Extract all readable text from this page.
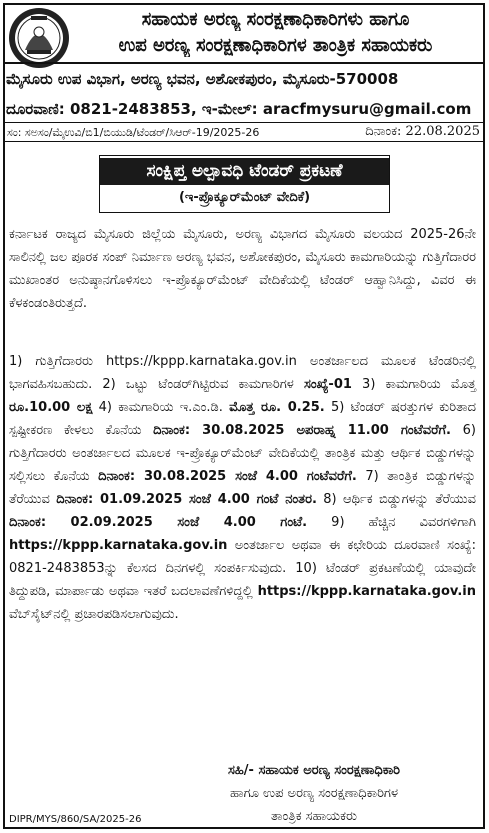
ಸಹಾಯಕ ಅರಣ್ಯ ಸಂರಕ್ಷಣಾಧಿಕಾರಿಗಳು ಹಾಗೂ
ಉಪ ಅರಣ್ಯ ಸಂರಕ್ಷಣಾಧಿಕಾರಿಗಳ ತಾಂತ್ರಿಕ ಸಹಾಯಕರು
ಮೈಸೂರು ಉಪ ವಿಭಾಗ, ಅರಣ್ಯ ಭವನ, ಅಶೋಕಪುರಂ, ಮೈಸೂರು-570008
ದೂರವಾಣಿ: 0821-2483853, ಇ-ಮೇಲ್: aracfmysuru@gmail.com
ಸಂ: ಸಅಸಂ/ಮೈಉವಿ/ಬಿ1/ಬಿಯುಡಿ/ಟೆಂಡರ್/ಸಿಆರ್-19/2025-26	ದಿನಾಂಕ: 22.08.2025
ಸಂಕ್ಷಿಪ್ತ ಅಲ್ಪಾವಧಿ ಟೆಂಡರ್ ಪ್ರಕಟಣೆ
(ಇ-ಪ್ರೊಕ್ಯೂರ್‌ಮೆಂಟ್ ವೇದಿಕೆ)
ಕರ್ನಾಟಕ ರಾಜ್ಯದ ಮೈಸೂರು ಜಿಲ್ಲೆಯ ಮೈಸೂರು, ಅರಣ್ಯ ವಿಭಾಗದ ಮೈಸೂರು ವಲಯದ 2025-26ನೇ ಸಾಲಿನಲ್ಲಿ ಜಲ ಪೂರಕ ಸಂಪ್ ನಿರ್ಮಾಣ ಅರಣ್ಯ ಭವನ, ಅಶೋಕಪುರಂ, ಮೈಸೂರು ಕಾಮಗಾರಿಯನ್ನು ಗುತ್ತಿಗೆದಾರರ ಮುಖಾಂತರ ಅನುಷ್ಠಾನಗೊಳಿಸಲು ಇ-ಪ್ರೊಕ್ಯೂರ್‌ಮೆಂಟ್ ವೇದಿಕೆಯಲ್ಲಿ ಟೆಂಡರ್ ಆಹ್ವಾನಿಸಿದ್ದು, ವಿವರ ಈ ಕೆಳಕಂಡಂತಿರುತ್ತದೆ.
1) ಗುತ್ತಿಗೆದಾರರು https://kppp.karnataka.gov.in ಅಂತರ್ಜಾಲದ ಮೂಲಕ ಟೆಂಡರಿನಲ್ಲಿ ಭಾಗವಹಿಸಬಹುದು. 2) ಒಟ್ಟು ಟೆಂಡರ್‌ಗಿಟ್ಟಿರುವ ಕಾಮಗಾರಿಗಳ ಸಂಖ್ಯೆ-01 3) ಕಾಮಗಾರಿಯ ಮೊತ್ತ ರೂ.10.00 ಲಕ್ಷ 4) ಕಾಮಗಾರಿಯ ಇ.ಎಂ.ಡಿ. ಮೊತ್ತ ರೂ. 0.25. 5) ಟೆಂಡರ್ ಷರತ್ತುಗಳ ಕುರಿತಾದ ಸ್ಪಷ್ಟೀಕರಣ ಕೇಳಲು ಕೊನೆಯ ದಿನಾಂಕ: 30.08.2025 ಅಪರಾಹ್ನ 11.00 ಗಂಟೆವರೆಗೆ. 6) ಗುತ್ತಿಗೆದಾರರು ಅಂತರ್ಜಾಲದ ಮೂಲಕ ಇ-ಪ್ರೊಕ್ಯೂರ್‌ಮೆಂಟ್ ವೇದಿಕೆಯಲ್ಲಿ ತಾಂತ್ರಿಕ ಮತ್ತು ಆರ್ಥಿಕ ಬಿಡ್ಡುಗಳನ್ನು ಸಲ್ಲಿಸಲು ಕೊನೆಯ ದಿನಾಂಕ: 30.08.2025 ಸಂಜೆ 4.00 ಗಂಟೆವರೆಗೆ. 7) ತಾಂತ್ರಿಕ ಬಿಡ್ಡುಗಳನ್ನು ತೆರೆಯುವ ದಿನಾಂಕ: 01.09.2025 ಸಂಜೆ 4.00 ಗಂಟೆ ನಂತರ. 8) ಆರ್ಥಿಕ ಬಿಡ್ಡುಗಳನ್ನು ತೆರೆಯುವ ದಿನಾಂಕ: 02.09.2025 ಸಂಜೆ 4.00 ಗಂಟೆ. 9) ಹೆಚ್ಚಿನ ವಿವರಗಳಿಗಾಗಿ https://kppp.karnataka.gov.in ಅಂತರ್ಜಾಲ ಅಥವಾ ಈ ಕಛೇರಿಯ ದೂರವಾಣಿ ಸಂಖ್ಯೆ: 0821-2483853ನ್ನು ಕೆಲಸದ ದಿನಗಳಲ್ಲಿ ಸಂಪರ್ಕಿಸುವುದು. 10) ಟೆಂಡರ್ ಪ್ರಕಟಣೆಯಲ್ಲಿ ಯಾವುದೇ ತಿದ್ದುಪಡಿ, ಮಾರ್ಪಾಡು ಅಥವಾ ಇತರೆ ಬದಲಾವಣೆಗಳಿದ್ದಲ್ಲಿ https://kppp.karnataka.gov.in ವೆಬ್‌ಸೈಟ್‌ನಲ್ಲಿ ಪ್ರಚಾರಪಡಿಸಲಾಗುವುದು.
ಸಹಿ/- ಸಹಾಯಕ ಅರಣ್ಯ ಸಂರಕ್ಷಣಾಧಿಕಾರಿ
ಹಾಗೂ ಉಪ ಅರಣ್ಯ ಸಂರಕ್ಷಣಾಧಿಕಾರಿಗಳ
ತಾಂತ್ರಿಕ ಸಹಾಯಕರು
DIPR/MYS/860/SA/2025-26
